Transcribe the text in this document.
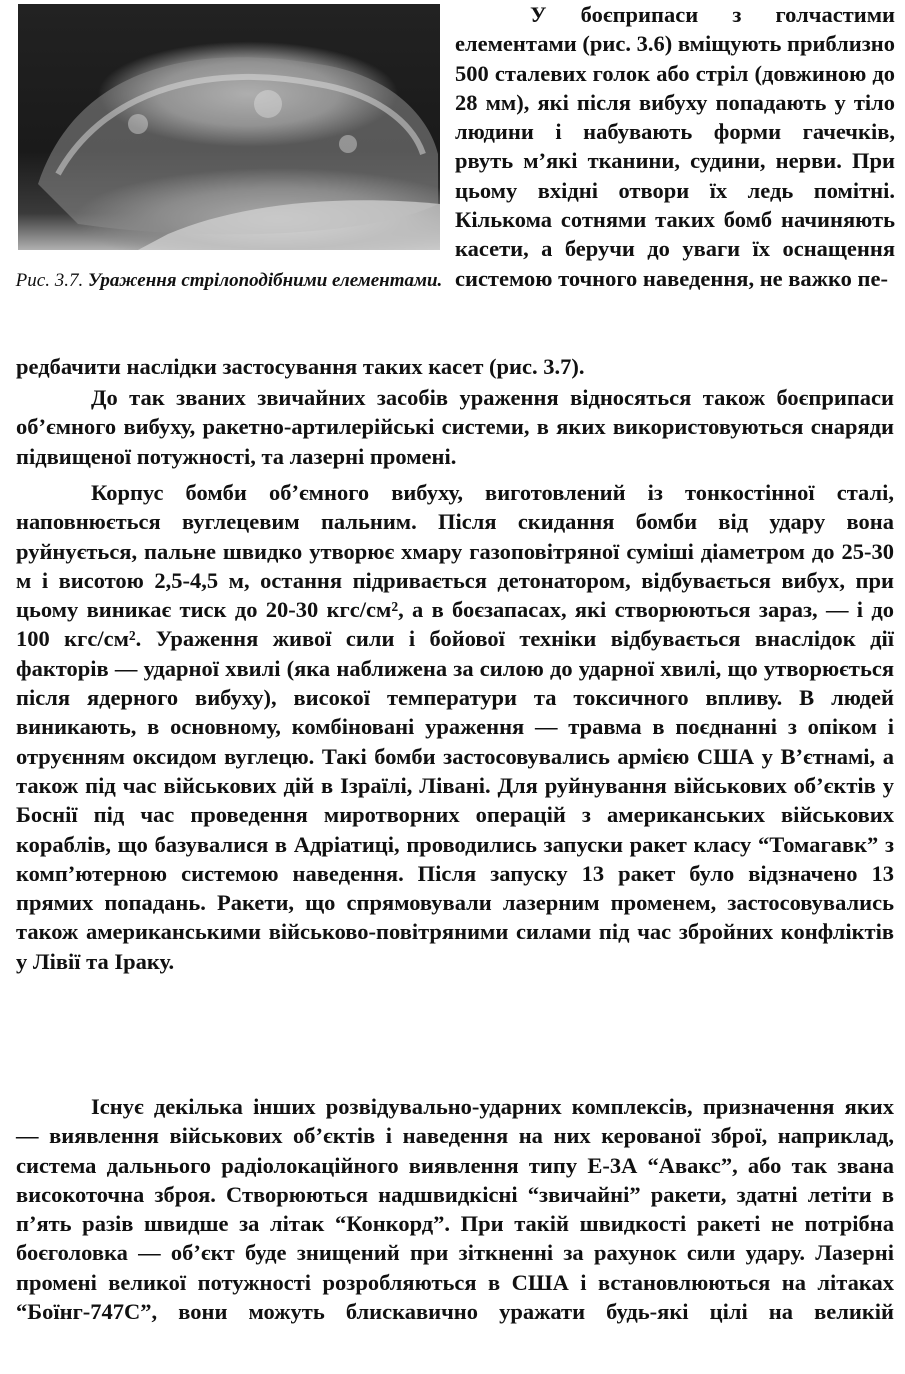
Рис. 3.7. Ураження стрілоподібними елементами.

У боєприпаси з голчастими елементами (рис. 3.6) вміщують приблизно 500 сталевих голок або стріл (довжиною до 28 мм), які після вибуху попадають у тіло людини і набувають форми гачечків, рвуть м’які тканини, судини, нерви. При цьому вхідні отвори їх ледь помітні. Кількома сотнями таких бомб начиняють касети, а беручи до уваги їх оснащення системою точного наведення, не важко пе-

редбачити наслідки застосування таких касет (рис. 3.7).

До так званих звичайних засобів ураження відносяться також боєприпаси об’ємного вибуху, ракетно-артилерійські системи, в яких використовуються снаряди підвищеної потужності, та лазерні промені.

Корпус бомби об’ємного вибуху, виготовлений із тонкостінної сталі, наповнюється вуглецевим пальним. Після скидання бомби від удару вона руйнується, пальне швидко утворює хмару газоповітряної суміші діаметром до 25-30 м і висотою 2,5-4,5 м, остання підривається детонатором, відбувається вибух, при цьому виникає тиск до 20-30 кгс/см², а в боєзапасах, які створюються зараз, — і до 100 кгс/см². Ураження живої сили і бойової техніки відбувається внаслідок дії факторів — ударної хвилі (яка наближена за силою до ударної хвилі, що утворюється після ядерного вибуху), високої температури та токсичного впливу. В людей виникають, в основному, комбіновані ураження — травма в поєднанні з опіком і отруєнням оксидом вуглецю. Такі бомби застосовувались армією США у В’єтнамі, а також під час військових дій в Ізраїлі, Лівані. Для руйнування військових об’єктів у Боснії під час проведення миротворних операцій з американських військових кораблів, що базувалися в Адріатиці, проводились запуски ракет класу “Томагавк” з комп’ютерною системою наведення. Після запуску 13 ракет було відзначено 13 прямих попадань. Ракети, що спрямовували лазерним променем, застосовувались також американськими військово-повітряними силами під час збройних конфліктів у Лівії та Іраку.

Існує декілька інших розвідувально-ударних комплексів, призначення яких — виявлення військових об’єктів і наведення на них керованої зброї, наприклад, система дальнього радіолокаційного виявлення типу Е-3А “Авакс”, або так звана високоточна зброя. Створюються надшвидкісні “звичайні” ракети, здатні летіти в п’ять разів швидше за літак “Конкорд”. При такій швидкості ракеті не потрібна боєголовка — об’єкт буде знищений при зіткненні за рахунок сили удару. Лазерні промені великої потужності розробляються в США і встановлюються на літаках “Боїнг-747С”, вони можуть блискавично уражати будь-які цілі на великій
